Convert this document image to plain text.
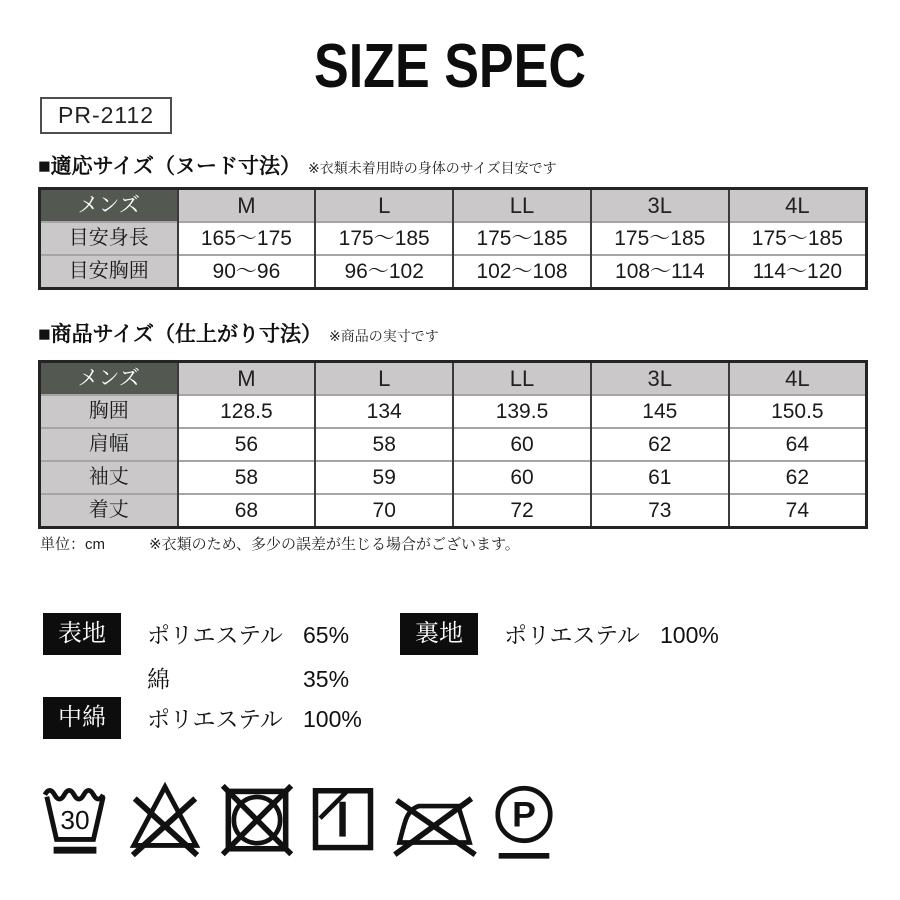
SIZE SPEC
PR-2112
■適応サイズ（ヌード寸法） ※衣類未着用時の身体のサイズ目安です
メンズ	M	L	LL	3L	4L
目安身長	165〜175	175〜185	175〜185	175〜185	175〜185
目安胸囲	90〜96	96〜102	102〜108	108〜114	114〜120
■商品サイズ（仕上がり寸法） ※商品の実寸です
メンズ	M	L	LL	3L	4L
胸囲	128.5	134	139.5	145	150.5
肩幅	56	58	60	62	64
袖丈	58	59	60	61	62
着丈	68	70	72	73	74
単位：cm	※衣類のため、多少の誤差が生じる場合がございます。
表地	ポリエステル 65%
綿	35%
裏地	ポリエステル 100%
中綿	ポリエステル 100%
30	P
